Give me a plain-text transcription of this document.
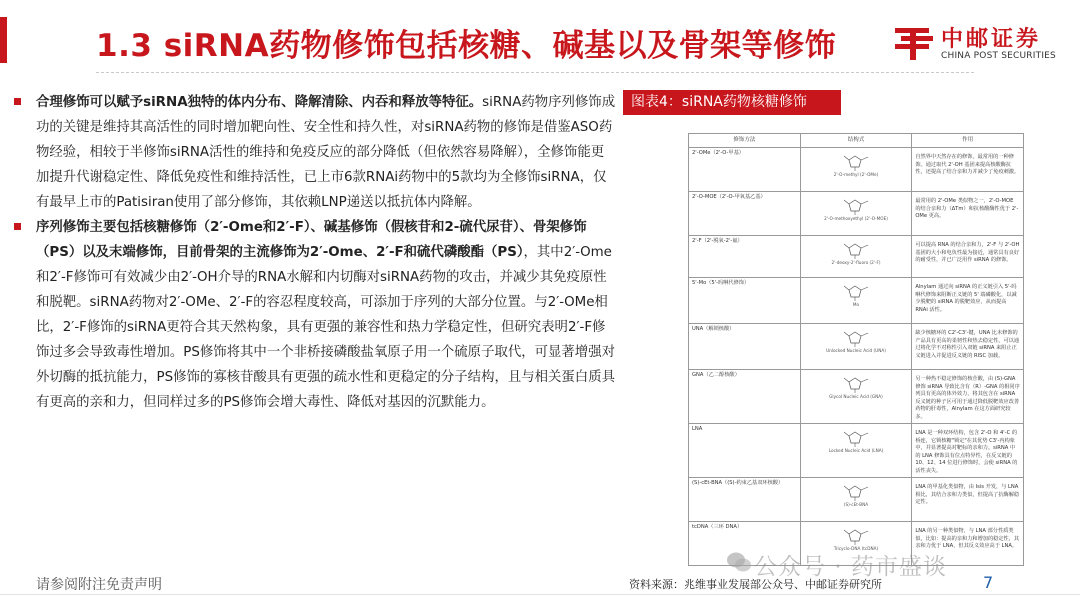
1.3 siRNA药物修饰包括核糖、碱基以及骨架等修饰	中邮证券
CHINA POST SECURITIES
合理修饰可以赋予siRNA独特的体内分布、降解清除、内吞和释放等特征。siRNA药物序列修饰成功的关键是维持其高活性的同时增加靶向性、安全性和持久性，对siRNA药物的修饰是借鉴ASO药物经验，相较于半修饰siRNA活性的维持和免疫反应的部分降低（但依然容易降解），全修饰能更加提升代谢稳定性、降低免疫性和维持活性，已上市6款RNAi药物中的5款均为全修饰siRNA，仅有最早上市的Patisiran使用了部分修饰，其依赖LNP递送以抵抗体内降解。
序列修饰主要包括核糖修饰（2′-Ome和2′-F）、碱基修饰（假核苷和2-硫代尿苷）、骨架修饰（PS）以及末端修饰，目前骨架的主流修饰为2′-Ome、2′-F和硫代磷酸酯（PS），其中2′-Ome和2′-F修饰可有效减少由2′-OH介导的RNA水解和内切酶对siRNA药物的攻击，并减少其免疫原性和脱靶。siRNA药物对2′-OMe、2′-F的容忍程度较高，可添加于序列的大部分位置。与2′-OMe相比，2′-F修饰的siRNA更符合其天然构象，具有更强的兼容性和热力学稳定性，但研究表明2′-F修饰过多会导致毒性增加。PS修饰将其中一个非桥接磷酸盐氧原子用一个硫原子取代，可显著增强对外切酶的抵抗能力，PS修饰的寡核苷酸具有更强的疏水性和更稳定的分子结构，且与相关蛋白质具有更高的亲和力，但同样过多的PS修饰会增大毒性、降低对基因的沉默能力。
图表4：siRNA药物核糖修饰
修饰方法	结构式	作用
2'-OMe（2'-O-甲基）	2'-O-methyl (2'-OMe)	自然界中天然存在的修饰，最常用的一种修饰。通过取代 2'-OH 基团来提高核酸酶抗性，还提高了结合亲和力并减少了免疫刺激。
2'-O-MOE（2'-O-甲氧基乙基）	2'-O-methoxyethyl (2'-O-MOE)	最常用的 2'-OMe 类似物之一，2'-O-MOE 的结合亲和力（ΔTm）和抗核酸酶性优于 2'-OMe 更高。
2'-F（2'-脱氧-2'-氟）	2'-deoxy-2'-fluoro (2'-F)	可以提高 RNA 的结合亲和力，2'-F 与 2'-OH 基团的大小和电负性最为接近，通常具有良好的耐受性，并已广泛用作 siRNA 的修饰。
5'-Mo（5'-吗啉代修饰）	Mo	Alnylam 通过向 siRNA 的正义链引入 5'-吗啉代修饰来阻断正义链的 5' 端磷酸化，以减少脱靶的 siRNA 的脱靶效应，从而提高 RNAi 活性。
UNA（解锁核酸）	Unlocked Nucleic Acid (UNA)	缺少核糖环的 C2'-C3'-键，UNA 比未修饰的产品具有更高的柔韧性和热去稳定性。可以通过将化学不对称性引入双链 siRNA 来阻止正义链进入并促进反义链的 RISC 加载。
GNA（乙二醇核酸）	Glycol Nucleic Acid (GNA)	另一种热不稳定修饰的核苷酸，由 (S)-GNA 修饰 siRNA 导致比含有（R）-GNA 的相同序列具有更高的体外效力，将其包含在 siRNA 反义链的种子区可用于通过降低脱靶效应改善药物的肝毒性，Alnylam 在这方面研究较多。
LNA	Locked Nucleic Acid (LNA)	LNA 是一种双环结构，包含 2'-O 和 4'-C 的桥连，它锁核糖"锁定"在其优势 C3'-内构象中，并显著提高对靶标的亲和力。siRNA 中的 LNA 修饰具有位点特异性，在反义链的 10、12、14 位进行修饰时，会使 siRNA 的活性丧失。
(S)-cEt-BNA（(S)-约束乙基双环核酸）	(S)-cEt-BNA	LNA 的甲基化类似物，由 Isis 开发，与 LNA 相比，其结合亲和力类似，但提高了抗酶解稳定性。
tcDNA（三环 DNA）	Tricyclo-DNA (tcDNA)	LNA 的另一种类似物，与 LNA 部分性质类似，比如：提高的亲和力和增加的稳定性，其亲和力优于 LNA，但其反义效应高于 LNA。
请参阅附注免责声明
公众号 · 药市盛谈
资料来源：兆维事业发展部公众号、中邮证券研究所	7
